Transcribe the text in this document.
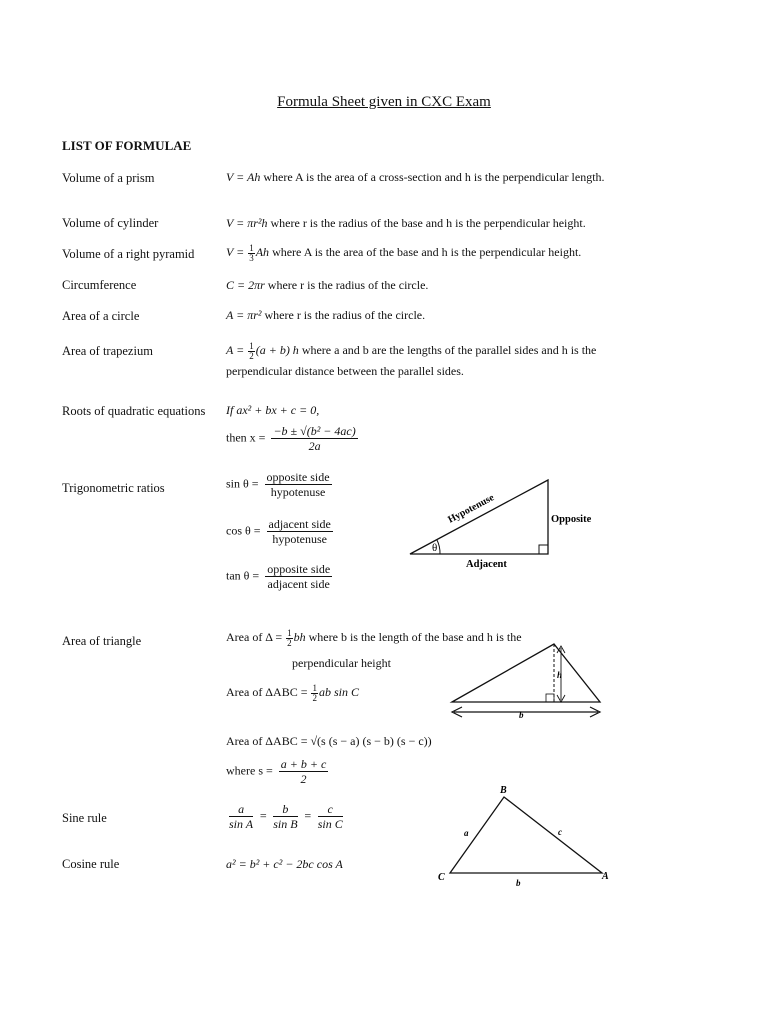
Formula Sheet given in CXC Exam
LIST OF FORMULAE
Volume of a prism	V = Ah where A is the area of a cross-section and h is the perpendicular length.
Volume of cylinder	V = πr²h where r is the radius of the base and h is the perpendicular height.
Volume of a right pyramid	$V = \frac{1}{3}$ Ah where A is the area of the base and h is the perpendicular height.
Circumference	C = 2πr where r is the radius of the circle.
Area of a circle	A = πr² where r is the radius of the circle.
Area of trapezium	$A = \frac{1}{2} (a + b)$ h where a and b are the lengths of the parallel sides and h is the perpendicular distance between the parallel sides.
Roots of quadratic equations If ax² + bx + c = 0,
then $x = \frac{\text{−b ± √(b² − 4ac)}}{2a}$
Trigonometric ratios	$\sin \theta = \frac{\text{opposite side}}{\text{hypotenuse}}$
$\cos \theta = \frac{\text{adjacent side}}{\text{hypotenuse}}$
$\tan \theta = \frac{\text{opposite side}}{\text{adjacent side}}$
θ
Hypotenuse	Opposite
Adjacent
Area of triangle	Area of $\Delta = \frac{1}{2}$ bh where b is the length of the base and h is the
perpendicular height
Area of $\Delta ABC = \frac{1}{2}$ ab sin C
Area of ΔABC = √(s (s − a) (s − b) (s − c))
where $s = \frac{a + b + c}{2}$
h
b
Sine rule	$\frac{a}{\text{sin A}} = \frac{b}{\text{sin B}} = \frac{c}{\text{sin C}}$
Cosine rule	a² = b² + c² − 2bc cos A
B
C	A
a	c
b
